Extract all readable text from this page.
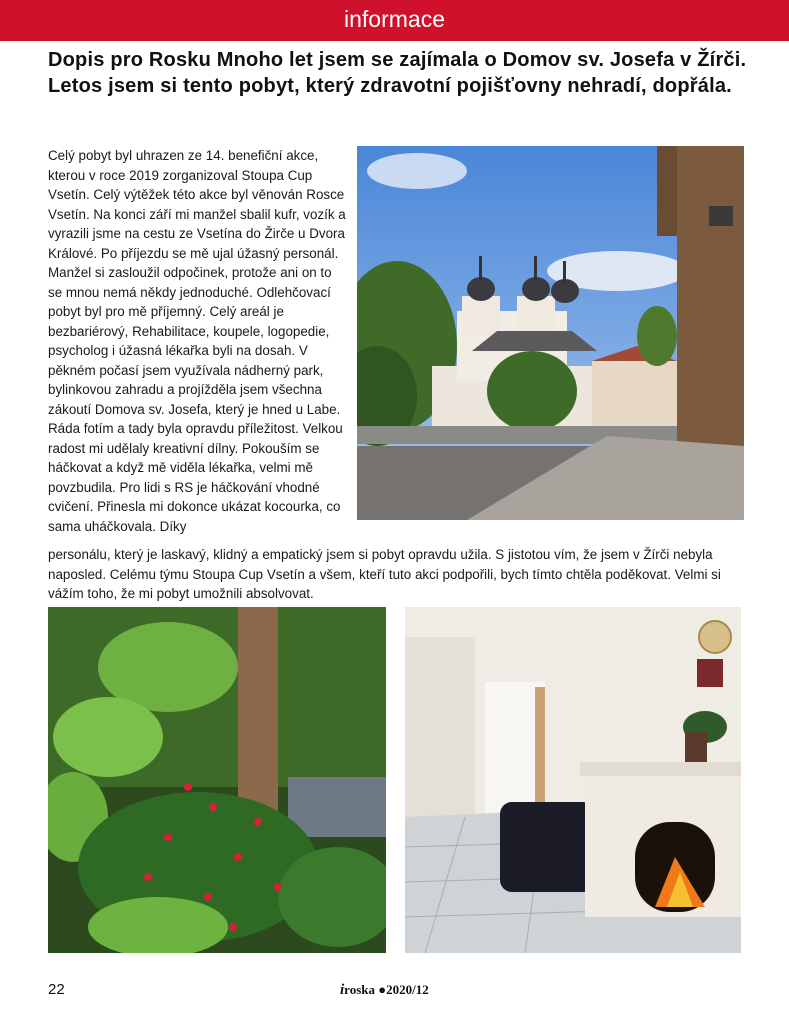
informace
Dopis pro Rosku Mnoho let jsem se zajímala o Domov sv. Josefa v Žírči. Letos jsem si tento pobyt, který zdravotní pojišťovny nehradí, dopřála.

Celý pobyt byl uhrazen ze 14. benefiční akce, kterou v roce 2019 zorganizoval Stoupa Cup Vsetín. Celý výtěžek této akce byl věnován Rosce Vsetín. Na konci září mi manžel sbalil kufr, vozík a vyrazili jsme na cestu ze Vsetína do Žirče u Dvora Králové. Po příjezdu se mě ujal úžasný personál. Manžel si zasloužil odpočinek, protože ani on to se mnou nemá někdy jednoduché. Odlehčovací pobyt byl pro mě příjemný. Celý areál je bezbariérový, Rehabilitace, koupele, logopedie, psycholog i úžasná lékařka byli na dosah. V pěkném počasí jsem využívala nádherný park, bylinkovou zahradu a projížděla jsem všechna zákoutí Domova sv. Josefa, který je hned u Labe. Ráda fotím a tady byla opravdu příležitost. Velkou radost mi udělaly kreativní dílny. Pokouším se háčkovat a když mě viděla lékařka, velmi mě povzbudila. Pro lidi s RS je háčkování vhodné cvičení. Přinesla mi dokonce ukázat kocourka, co sama uháčkovala. Díky

personálu, který je laskavý, klidný a empatický jsem si pobyt opravdu užila. S jistotou vím, že jsem v Žírči nebyla naposled. Celému týmu Stoupa Cup Vsetín a všem, kteří tuto akci podpořili, bych tímto chtěla poděkovat. Velmi si vážím toho, že mi pobyt umožnili absolvovat.
22	iroska ●2020/12
